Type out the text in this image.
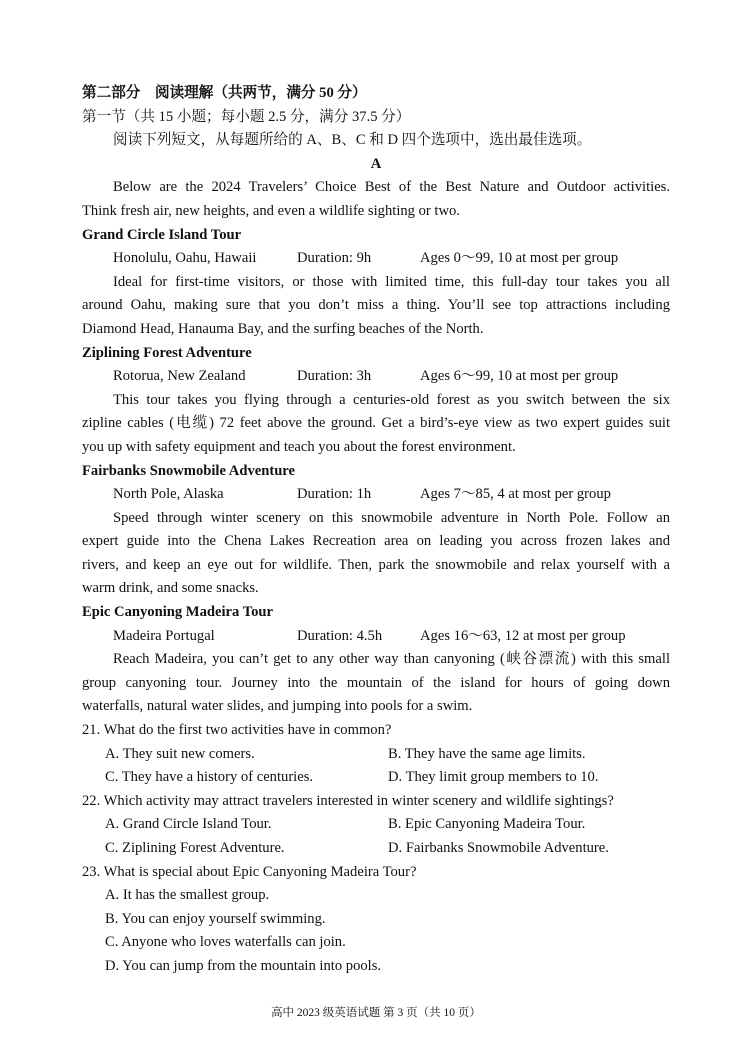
第二部分　阅读理解（共两节，满分 50 分）
第一节（共 15 小题；每小题 2.5 分，满分 37.5 分）
阅读下列短文，从每题所给的 A、B、C 和 D 四个选项中，选出最佳选项。
A
Below are the 2024 Travelers’ Choice Best of the Best Nature and Outdoor activities.
Think fresh air, new heights, and even a wildlife sighting or two.
Grand Circle Island Tour
Honolulu, Oahu, Hawaii	Duration: 9h	Ages 0～99, 10 at most per group
Ideal for first-time visitors, or those with limited time, this full-day tour takes you all
around Oahu, making sure that you don’t miss a thing. You’ll see top attractions including
Diamond Head, Hanauma Bay, and the surfing beaches of the North.
Ziplining Forest Adventure
Rotorua, New Zealand	Duration: 3h	Ages 6～99, 10 at most per group
This tour takes you flying through a centuries-old forest as you switch between the six
zipline cables (电缆) 72 feet above the ground. Get a bird’s-eye view as two expert guides suit
you up with safety equipment and teach you about the forest environment.
Fairbanks Snowmobile Adventure
North Pole, Alaska	Duration: 1h	Ages 7～85, 4 at most per group
Speed through winter scenery on this snowmobile adventure in North Pole. Follow an
expert guide into the Chena Lakes Recreation area on leading you across frozen lakes and
rivers, and keep an eye out for wildlife. Then, park the snowmobile and relax yourself with a
warm drink, and some snacks.
Epic Canyoning Madeira Tour
Madeira Portugal	Duration: 4.5h	Ages 16～63, 12 at most per group
Reach Madeira, you can’t get to any other way than canyoning (峡谷漂流) with this small
group canyoning tour. Journey into the mountain of the island for hours of going down
waterfalls, natural water slides, and jumping into pools for a swim.
21. What do the first two activities have in common?
A. They suit new comers.	B. They have the same age limits.
C. They have a history of centuries.	D. They limit group members to 10.
22. Which activity may attract travelers interested in winter scenery and wildlife sightings?
A. Grand Circle Island Tour.	B. Epic Canyoning Madeira Tour.
C. Ziplining Forest Adventure.	D. Fairbanks Snowmobile Adventure.
23. What is special about Epic Canyoning Madeira Tour?
A. It has the smallest group.
B. You can enjoy yourself swimming.
C. Anyone who loves waterfalls can join.
D. You can jump from the mountain into pools.
高中 2023 级英语试题 第 3 页（共 10 页）
